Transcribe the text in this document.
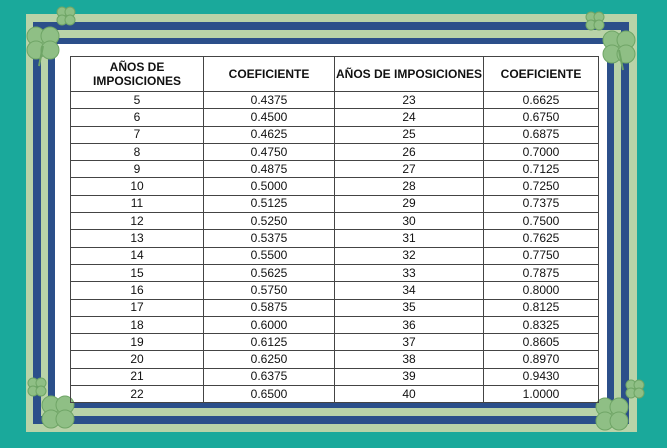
AÑOS DE IMPOSICIONES	COEFICIENTE	AÑOS DE IMPOSICIONES	COEFICIENTE
5	0.4375	23	0.6625
6	0.4500	24	0.6750
7	0.4625	25	0.6875
8	0.4750	26	0.7000
9	0.4875	27	0.7125
10	0.5000	28	0.7250
11	0.5125	29	0.7375
12	0.5250	30	0.7500
13	0.5375	31	0.7625
14	0.5500	32	0.7750
15	0.5625	33	0.7875
16	0.5750	34	0.8000
17	0.5875	35	0.8125
18	0.6000	36	0.8325
19	0.6125	37	0.8605
20	0.6250	38	0.8970
21	0.6375	39	0.9430
22	0.6500	40	1.0000
